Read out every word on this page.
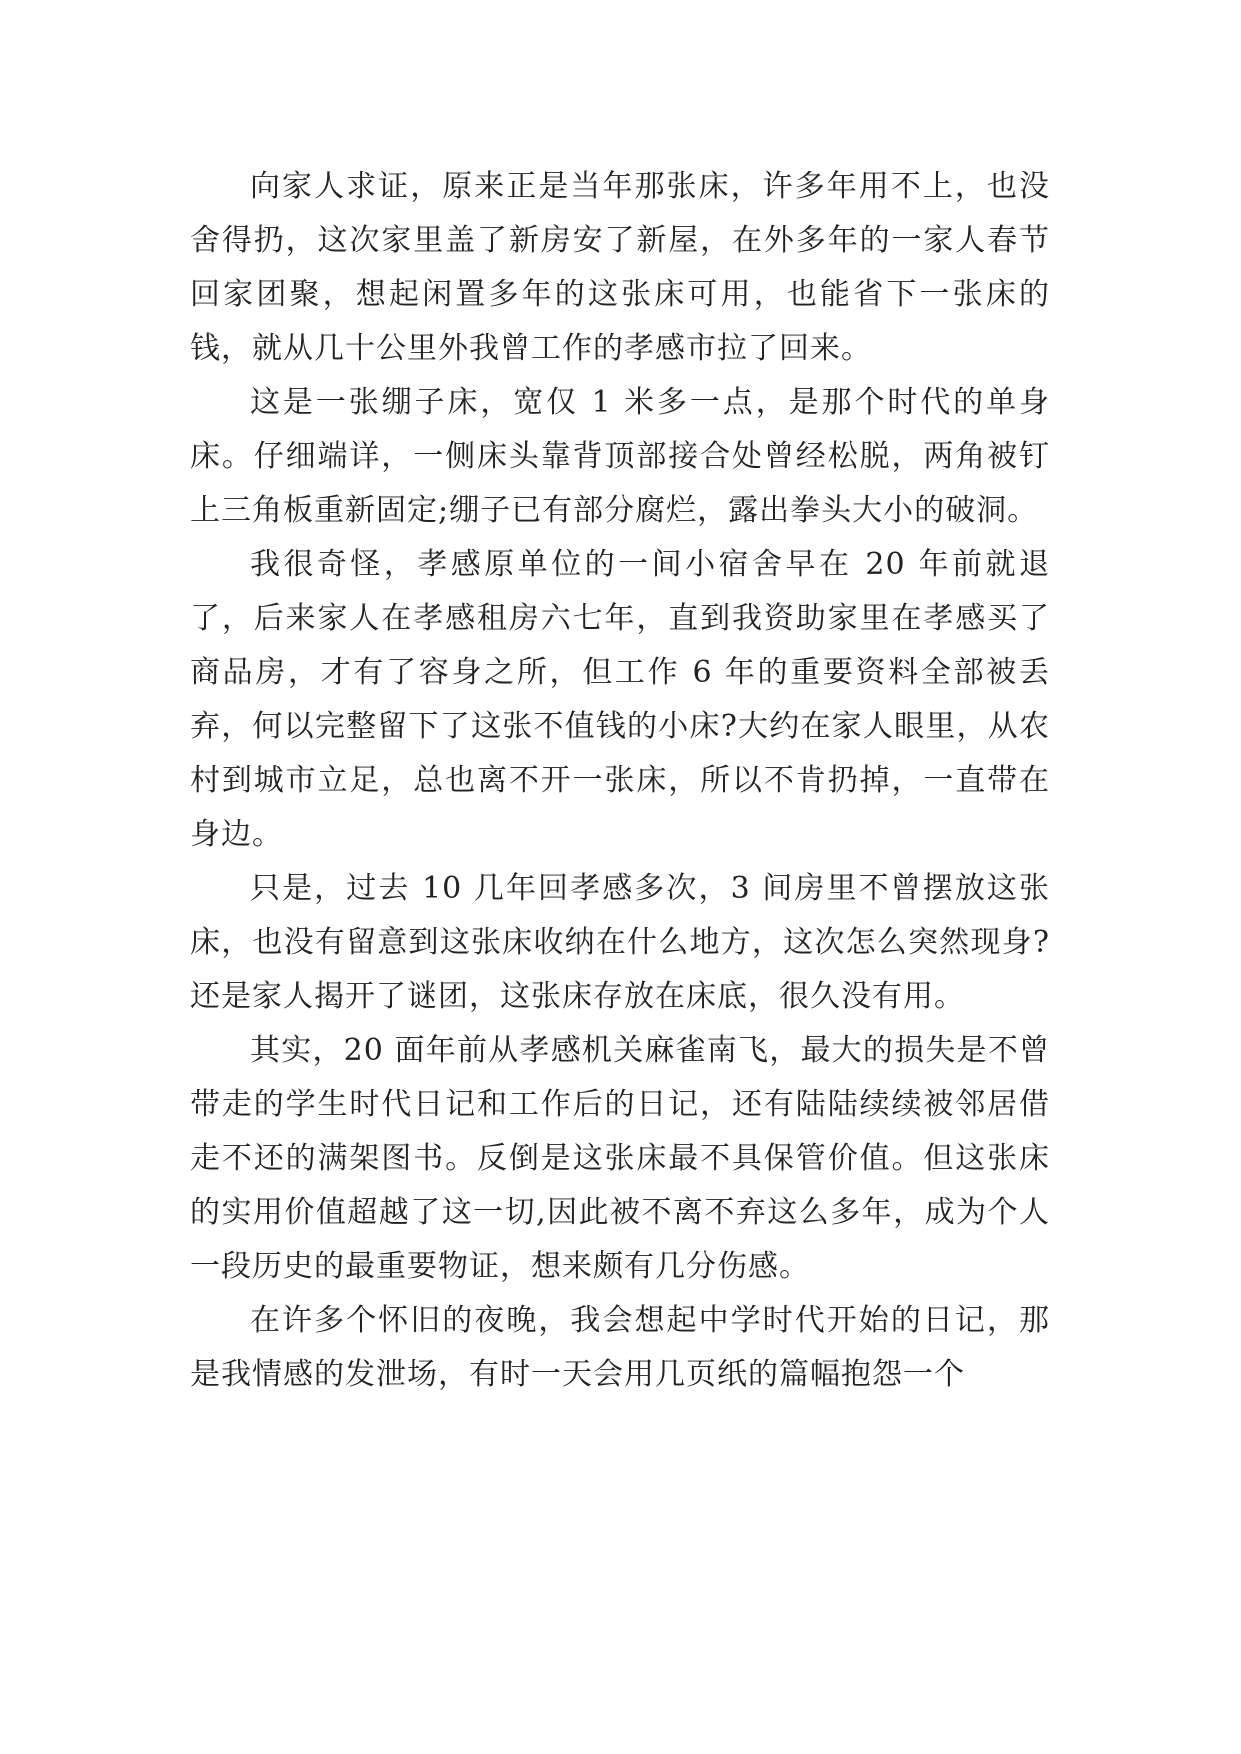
向家人求证，原来正是当年那张床，许多年用不上，也没舍得扔，这次家里盖了新房安了新屋，在外多年的一家人春节回家团聚，想起闲置多年的这张床可用，也能省下一张床的钱，就从几十公里外我曾工作的孝感市拉了回来。

这是一张绷子床，宽仅 1 米多一点，是那个时代的单身床。仔细端详，一侧床头靠背顶部接合处曾经松脱，两角被钉上三角板重新固定;绷子已有部分腐烂，露出拳头大小的破洞。

我很奇怪，孝感原单位的一间小宿舍早在 20 年前就退了，后来家人在孝感租房六七年，直到我资助家里在孝感买了商品房，才有了容身之所，但工作 6 年的重要资料全部被丢弃，何以完整留下了这张不值钱的小床?大约在家人眼里，从农村到城市立足，总也离不开一张床，所以不肯扔掉，一直带在身边。

只是，过去 10 几年回孝感多次，3 间房里不曾摆放这张床，也没有留意到这张床收纳在什么地方，这次怎么突然现身?还是家人揭开了谜团，这张床存放在床底，很久没有用。

其实，20 面年前从孝感机关麻雀南飞，最大的损失是不曾带走的学生时代日记和工作后的日记，还有陆陆续续被邻居借走不还的满架图书。反倒是这张床最不具保管价值。但这张床的实用价值超越了这一切,因此被不离不弃这么多年，成为个人一段历史的最重要物证，想来颇有几分伤感。

在许多个怀旧的夜晚，我会想起中学时代开始的日记，那是我情感的发泄场，有时一天会用几页纸的篇幅抱怨一个
